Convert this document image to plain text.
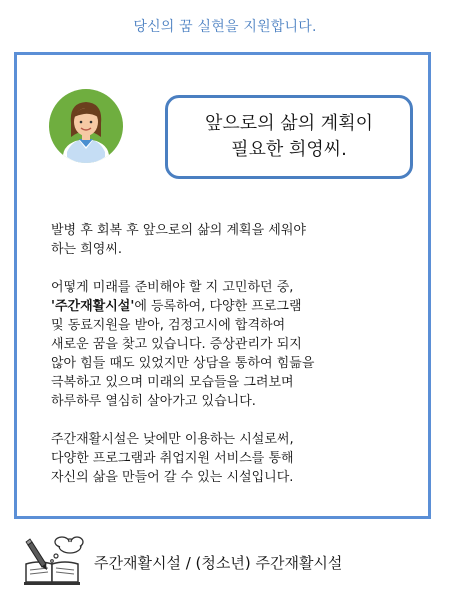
당신의 꿈 실현을 지원합니다.
앞으로의 삶의 계획이
필요한 희영씨.

발병 후 회복 후 앞으로의 삶의 계획을 세워야
하는 희영씨.

어떻게 미래를 준비해야 할 지 고민하던 중,
'주간재활시설'에 등록하여, 다양한 프로그램
및 동료지원을 받아, 검정고시에 합격하여
새로운 꿈을 찾고 있습니다. 증상관리가 되지
않아 힘들 때도 있었지만 상담을 통하여 힘듦을
극복하고 있으며 미래의 모습들을 그려보며
하루하루 열심히 살아가고 있습니다.

주간재활시설은 낮에만 이용하는 시설로써,
다양한 프로그램과 취업지원 서비스를 통해
자신의 삶을 만들어 갈 수 있는 시설입니다.

주간재활시설 / (청소년) 주간재활시설
